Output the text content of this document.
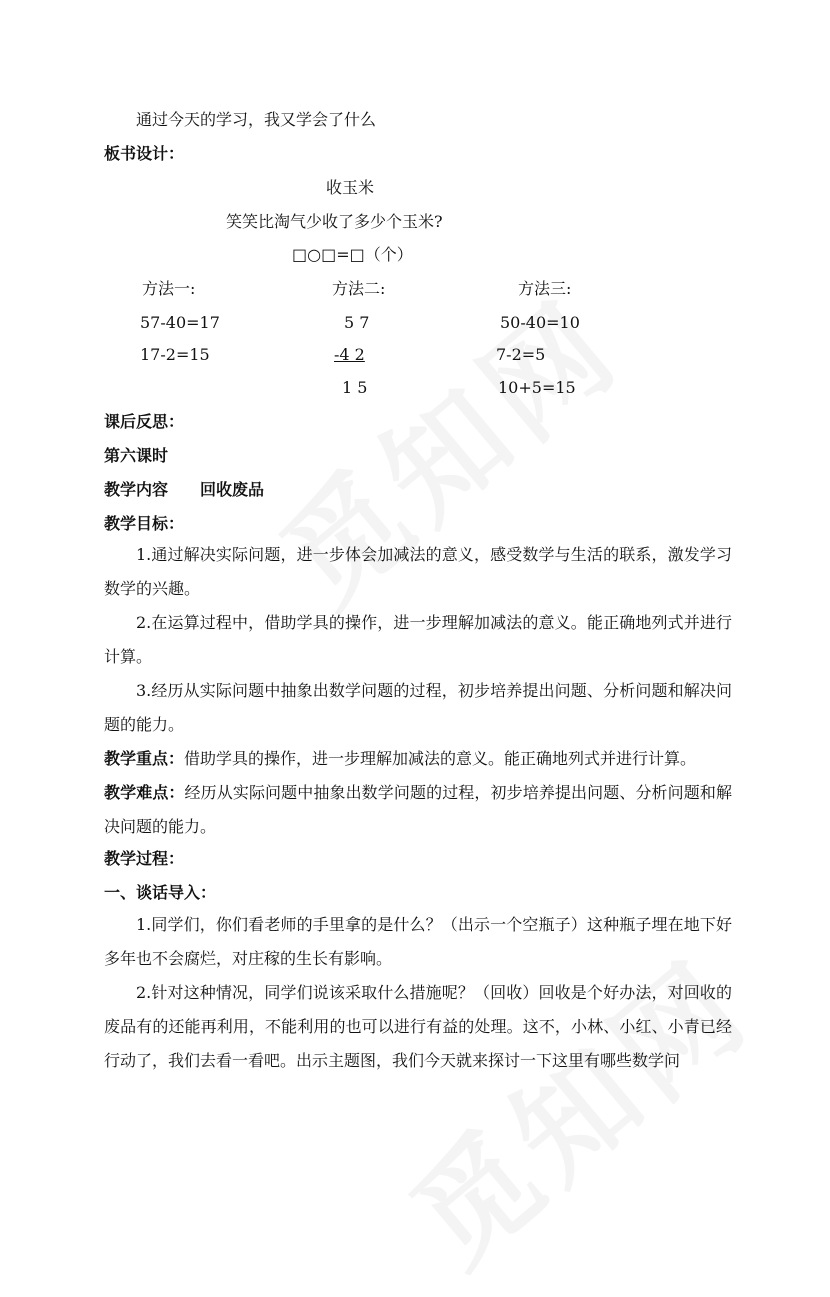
通过今天的学习，我又学会了什么
板书设计：
收玉米
笑笑比淘气少收了多少个玉米?
□○□=□（个）
方法一:	方法二:	方法三:
57-40=17
17-2=15
5 7
-4 2
1 5
50-40=10
7-2=5
10+5=15
课后反思：
第六课时
教学内容 回收废品
教学目标：
1.通过解决实际问题，进一步体会加减法的意义，感受数学与生活的联系，激发学习数学的兴趣。
2.在运算过程中，借助学具的操作，进一步理解加减法的意义。能正确地列式并进行计算。
3.经历从实际问题中抽象出数学问题的过程，初步培养提出问题、分析问题和解决问题的能力。
教学重点：借助学具的操作，进一步理解加减法的意义。能正确地列式并进行计算。
教学难点：经历从实际问题中抽象出数学问题的过程，初步培养提出问题、分析问题和解决问题的能力。
教学过程：
一、谈话导入：
1.同学们，你们看老师的手里拿的是什么？（出示一个空瓶子）这种瓶子埋在地下好多年也不会腐烂，对庄稼的生长有影响。
2.针对这种情况，同学们说该采取什么措施呢？（回收）回收是个好办法，对回收的废品有的还能再利用，不能利用的也可以进行有益的处理。这不，小林、小红、小青已经行动了，我们去看一看吧。出示主题图，我们今天就来探讨一下这里有哪些数学问
